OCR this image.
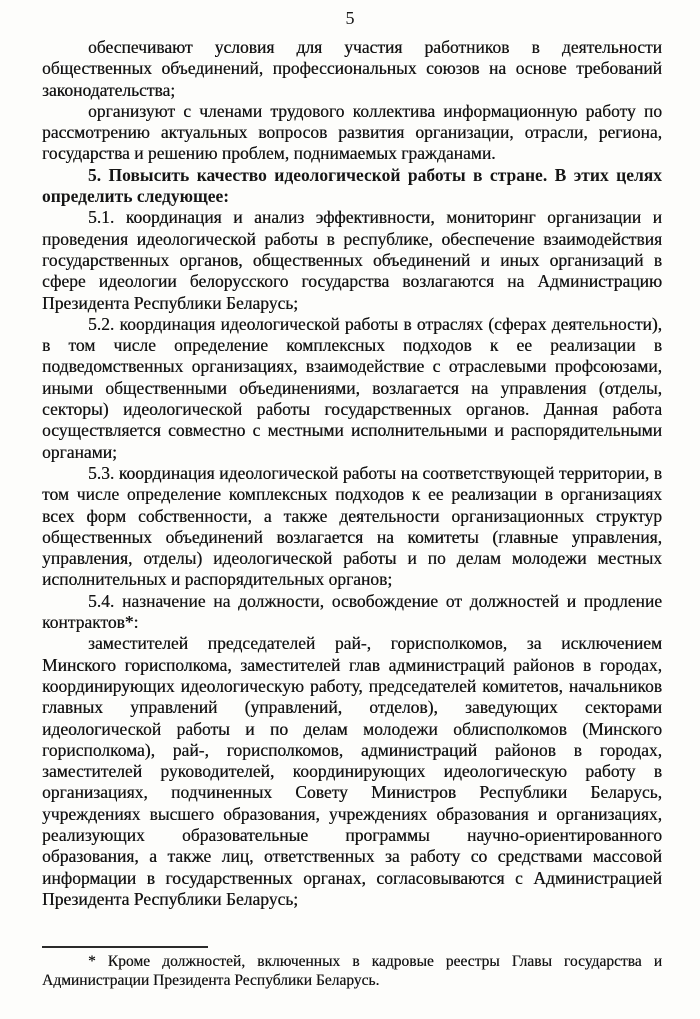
5

обеспечивают условия для участия работников в деятельности общественных объединений, профессиональных союзов на основе требований законодательства;

организуют с членами трудового коллектива информационную работу по рассмотрению актуальных вопросов развития организации, отрасли, региона, государства и решению проблем, поднимаемых гражданами.

5. Повысить качество идеологической работы в стране. В этих целях определить следующее:

5.1. координация и анализ эффективности, мониторинг организации и проведения идеологической работы в республике, обеспечение взаимодействия государственных органов, общественных объединений и иных организаций в сфере идеологии белорусского государства возлагаются на Администрацию Президента Республики Беларусь;

5.2. координация идеологической работы в отраслях (сферах деятельности), в том числе определение комплексных подходов к ее реализации в подведомственных организациях, взаимодействие с отраслевыми профсоюзами, иными общественными объединениями, возлагается на управления (отделы, секторы) идеологической работы государственных органов. Данная работа осуществляется совместно с местными исполнительными и распорядительными органами;

5.3. координация идеологической работы на соответствующей территории, в том числе определение комплексных подходов к ее реализации в организациях всех форм собственности, а также деятельности организационных структур общественных объединений возлагается на комитеты (главные управления, управления, отделы) идеологической работы и по делам молодежи местных исполнительных и распорядительных органов;

5.4. назначение на должности, освобождение от должностей и продление контрактов*:

заместителей председателей рай-, горисполкомов, за исключением Минского горисполкома, заместителей глав администраций районов в городах, координирующих идеологическую работу, председателей комитетов, начальников главных управлений (управлений, отделов), заведующих секторами идеологической работы и по делам молодежи облисполкомов (Минского горисполкома), рай-, горисполкомов, администраций районов в городах, заместителей руководителей, координирующих идеологическую работу в организациях, подчиненных Совету Министров Республики Беларусь, учреждениях высшего образования, учреждениях образования и организациях, реализующих образовательные программы научно-ориентированного образования, а также лиц, ответственных за работу со средствами массовой информации в государственных органах, согласовываются с Администрацией Президента Республики Беларусь;

* Кроме должностей, включенных в кадровые реестры Главы государства и Администрации Президента Республики Беларусь.
